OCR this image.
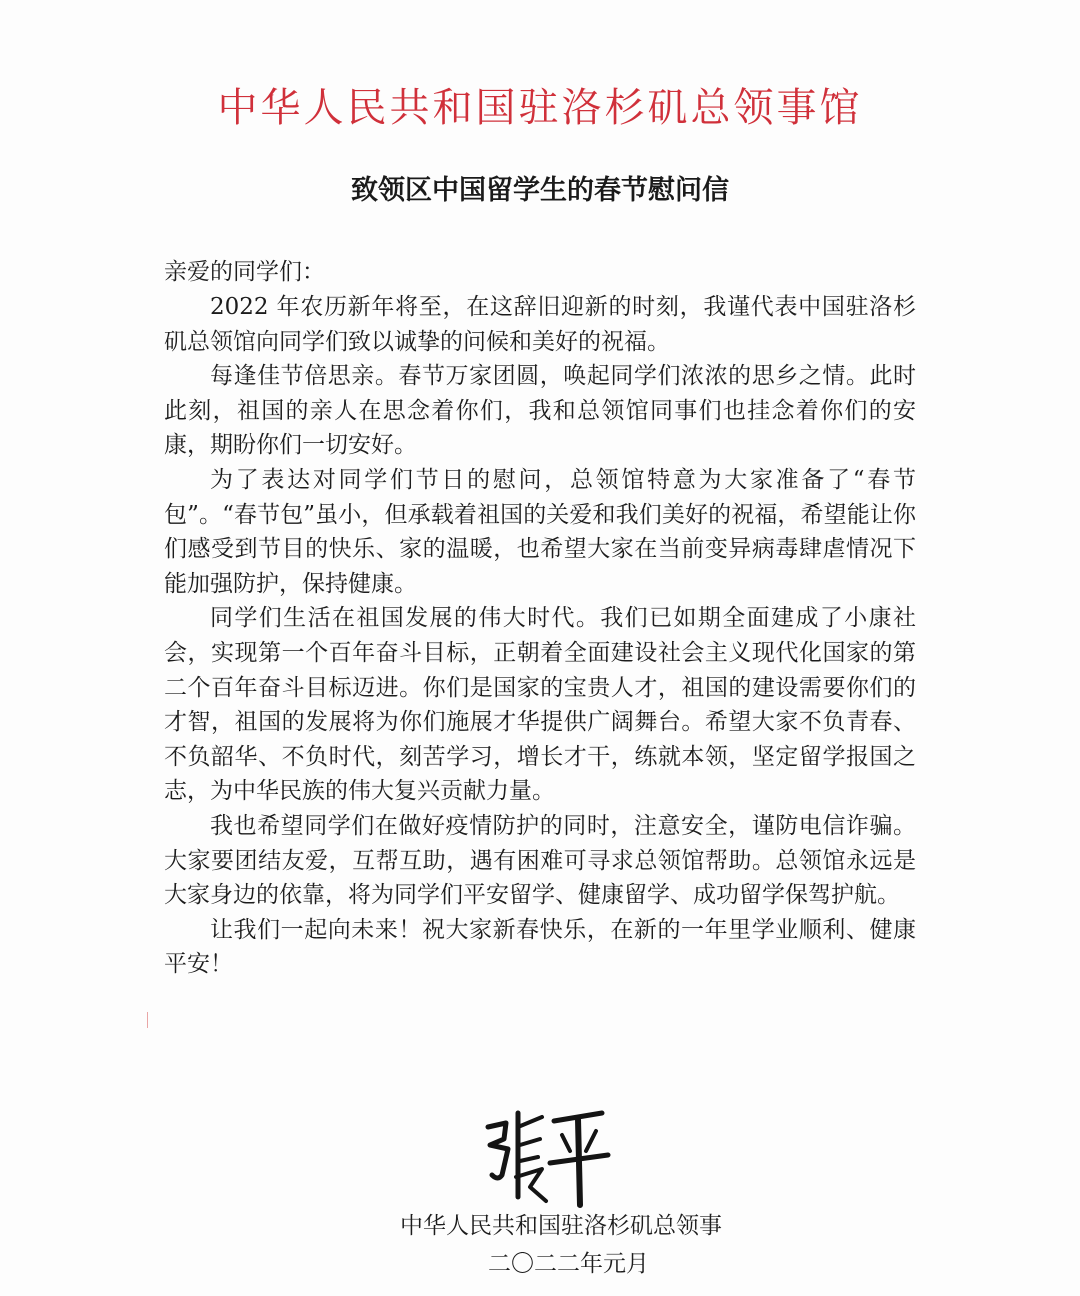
中华人民共和国驻洛杉矶总领事馆
致领区中国留学生的春节慰问信
亲爱的同学们：

2022 年农历新年将至，在这辞旧迎新的时刻，我谨代表中国驻洛杉矶总领馆向同学们致以诚挚的问候和美好的祝福。

每逢佳节倍思亲。春节万家团圆，唤起同学们浓浓的思乡之情。此时此刻，祖国的亲人在思念着你们，我和总领馆同事们也挂念着你们的安康，期盼你们一切安好。

为了表达对同学们节日的慰问，总领馆特意为大家准备了“春节包”。“春节包”虽小，但承载着祖国的关爱和我们美好的祝福，希望能让你们感受到节目的快乐、家的温暖，也希望大家在当前变异病毒肆虐情况下能加强防护，保持健康。

同学们生活在祖国发展的伟大时代。我们已如期全面建成了小康社会，实现第一个百年奋斗目标，正朝着全面建设社会主义现代化国家的第二个百年奋斗目标迈进。你们是国家的宝贵人才，祖国的建设需要你们的才智，祖国的发展将为你们施展才华提供广阔舞台。希望大家不负青春、不负韶华、不负时代，刻苦学习，增长才干，练就本领，坚定留学报国之志，为中华民族的伟大复兴贡献力量。

我也希望同学们在做好疫情防护的同时，注意安全，谨防电信诈骗。大家要团结友爱，互帮互助，遇有困难可寻求总领馆帮助。总领馆永远是大家身边的依靠，将为同学们平安留学、健康留学、成功留学保驾护航。

让我们一起向未来！祝大家新春快乐，在新的一年里学业顺利、健康平安！

中华人民共和国驻洛杉矶总领事
二〇二二年元月
